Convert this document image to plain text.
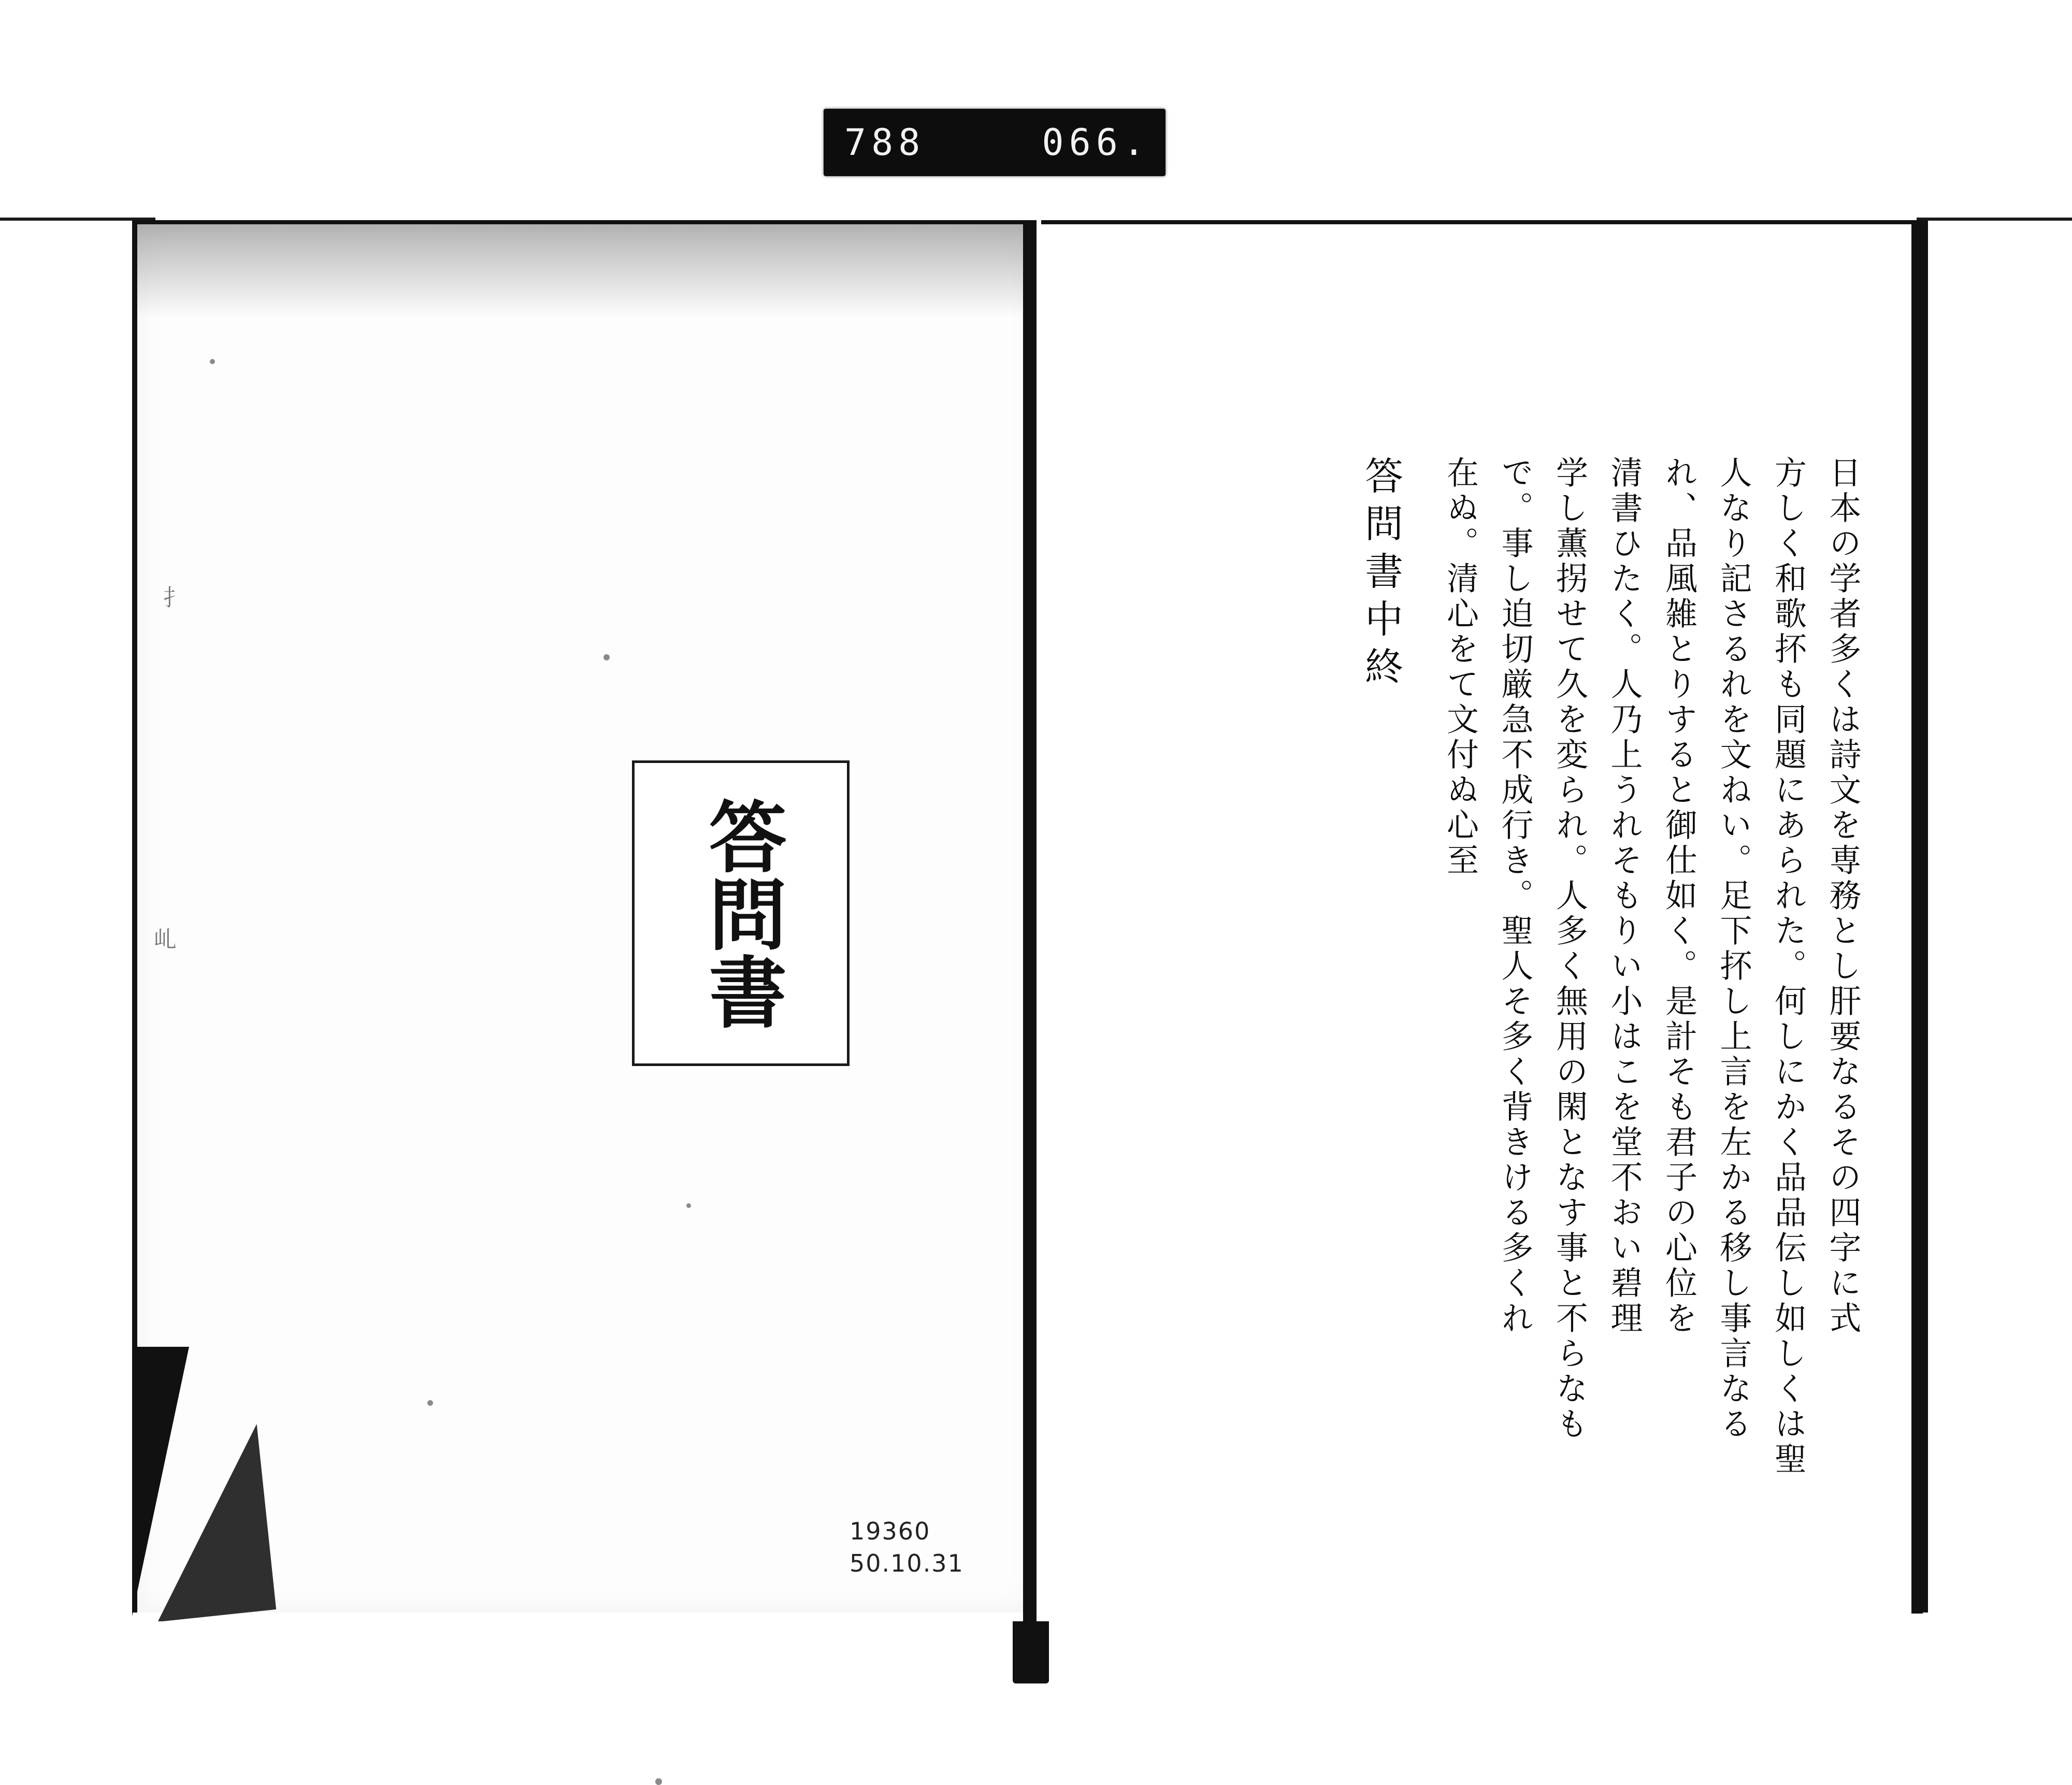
788	066.
答問書
扌
乢
19360
50.10.31
日本の学者多くは詩文を専務とし肝要なるその四字に式
方しく和歌抔も同題にあられた。何しにかく品品伝し如しくは聖
人なり記さるれを文ねい。足下抔し上言を左かる移し事言なる
れ、品風雑とりすると御仕如く。是計そも君子の心位を
清書ひたく。人乃上うれそもりい小はこを堂不おい碧理
学し薫拐せて久を変られ。人多く無用の閑となす事と不らなも
で。事し迫切厳急不成行き。聖人そ多く背きける多くれ
在ぬ。清心をて文付ぬ心至
答問書中終
